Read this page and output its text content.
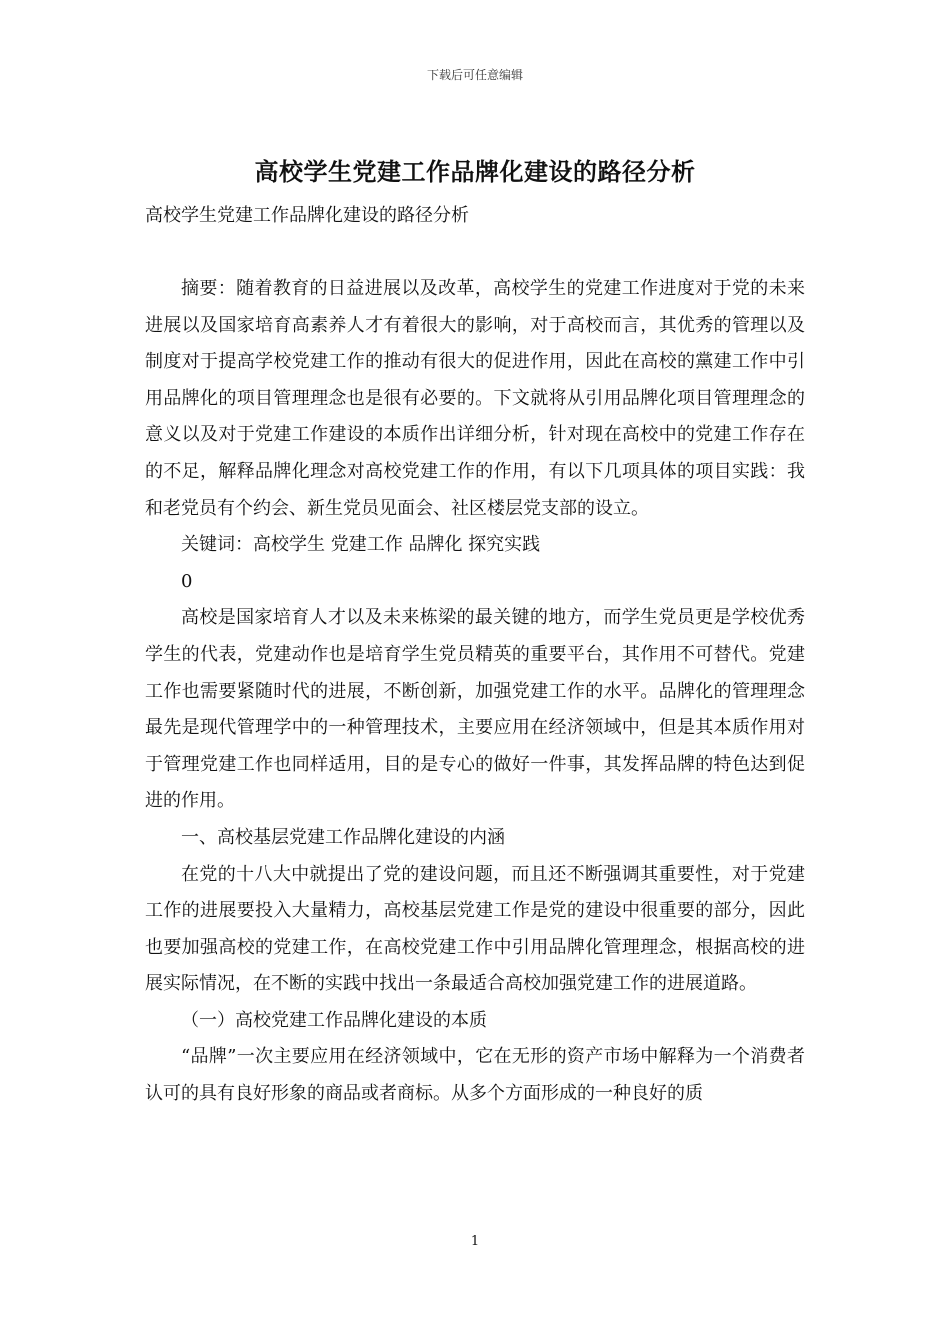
下载后可任意编辑
高校学生党建工作品牌化建设的路径分析
高校学生党建工作品牌化建设的路径分析

摘要：随着教育的日益进展以及改革，高校学生的党建工作进度对于党的未来进展以及国家培育高素养人才有着很大的影响，对于高校而言，其优秀的管理以及制度对于提高学校党建工作的推动有很大的促进作用，因此在高校的黨建工作中引用品牌化的项目管理理念也是很有必要的。下文就将从引用品牌化项目管理理念的意义以及对于党建工作建设的本质作出详细分析，针对现在高校中的党建工作存在的不足，解释品牌化理念对高校党建工作的作用，有以下几项具体的项目实践：我和老党员有个约会、新生党员见面会、社区楼层党支部的设立。

关键词：高校学生 党建工作 品牌化 探究实践

0

高校是国家培育人才以及未来栋梁的最关键的地方，而学生党员更是学校优秀学生的代表，党建动作也是培育学生党员精英的重要平台，其作用不可替代。党建工作也需要紧随时代的进展，不断创新，加强党建工作的水平。品牌化的管理理念最先是现代管理学中的一种管理技术，主要应用在经济领域中，但是其本质作用对于管理党建工作也同样适用，目的是专心的做好一件事，其发挥品牌的特色达到促进的作用。

一、高校基层党建工作品牌化建设的内涵

在党的十八大中就提出了党的建设问题，而且还不断强调其重要性，对于党建工作的进展要投入大量精力，高校基层党建工作是党的建设中很重要的部分，因此也要加强高校的党建工作，在高校党建工作中引用品牌化管理理念，根据高校的进展实际情况，在不断的实践中找出一条最适合高校加强党建工作的进展道路。

（一）高校党建工作品牌化建设的本质

“品牌”一次主要应用在经济领域中，它在无形的资产市场中解释为一个消费者认可的具有良好形象的商品或者商标。从多个方面形成的一种良好的质

1
